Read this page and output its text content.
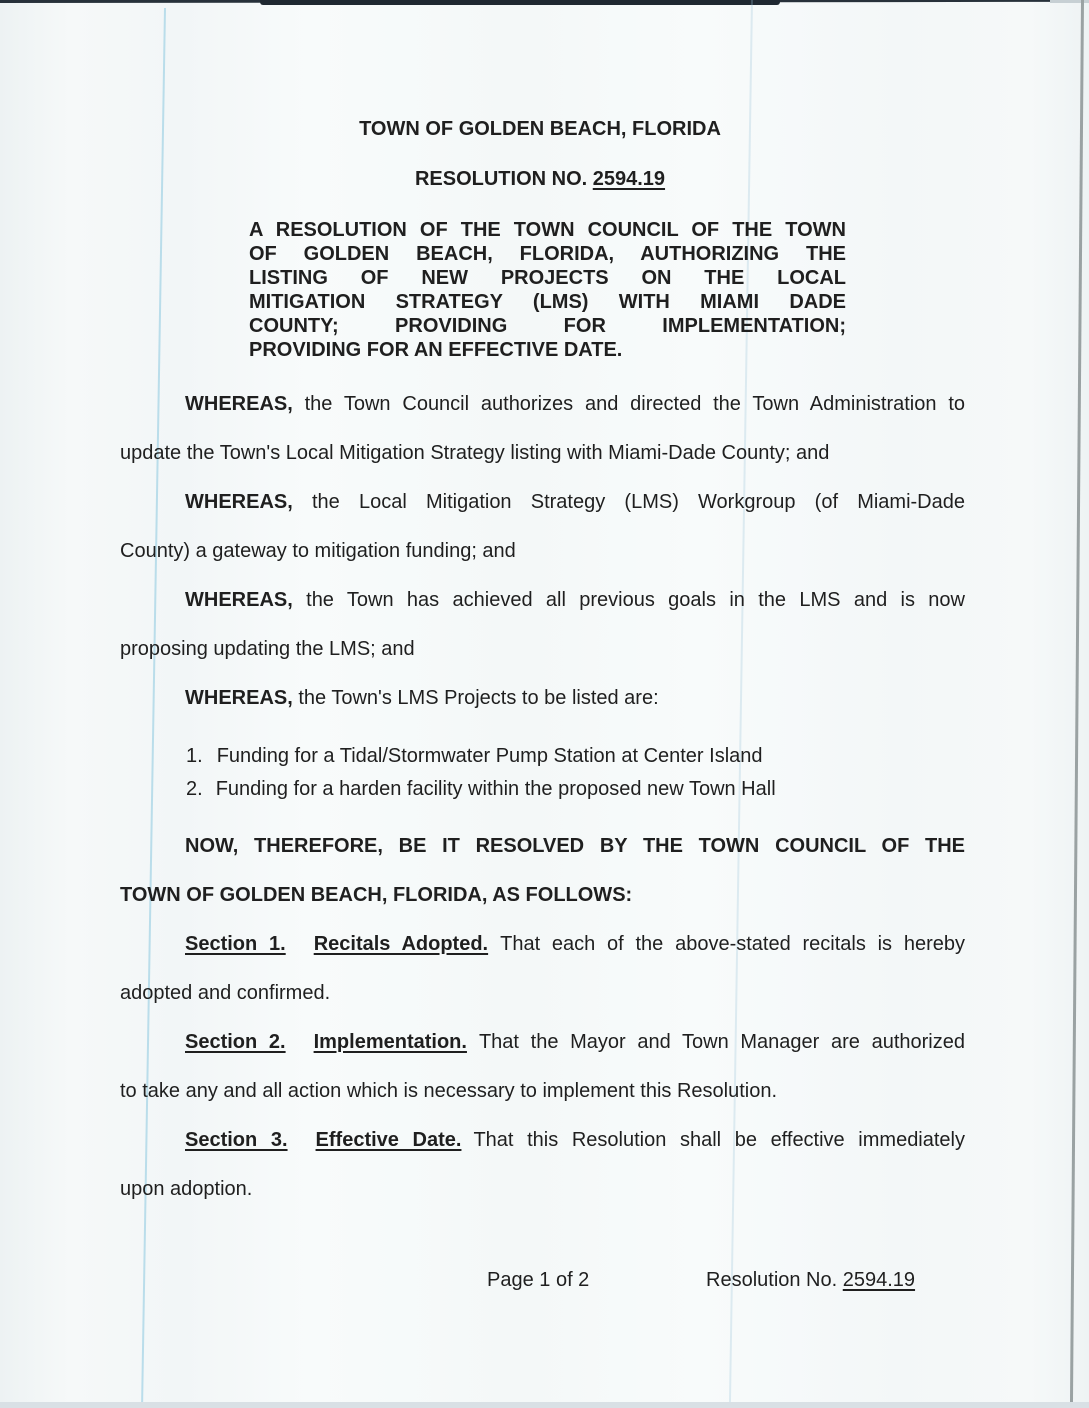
TOWN OF GOLDEN BEACH, FLORIDA
RESOLUTION NO. 2594.19
A RESOLUTION OF THE TOWN COUNCIL OF THE TOWN
OF GOLDEN BEACH, FLORIDA, AUTHORIZING THE
LISTING OF NEW PROJECTS ON THE LOCAL
MITIGATION STRATEGY (LMS) WITH MIAMI DADE
COUNTY; PROVIDING FOR IMPLEMENTATION;
PROVIDING FOR AN EFFECTIVE DATE.
WHEREAS, the Town Council authorizes and directed the Town Administration to
update the Town's Local Mitigation Strategy listing with Miami-Dade County; and
WHEREAS, the Local Mitigation Strategy (LMS) Workgroup (of Miami-Dade
County) a gateway to mitigation funding; and
WHEREAS, the Town has achieved all previous goals in the LMS and is now
proposing updating the LMS; and
WHEREAS, the Town's LMS Projects to be listed are:
1. Funding for a Tidal/Stormwater Pump Station at Center Island
2. Funding for a harden facility within the proposed new Town Hall
NOW, THEREFORE, BE IT RESOLVED BY THE TOWN COUNCIL OF THE
TOWN OF GOLDEN BEACH, FLORIDA, AS FOLLOWS:
Section 1. Recitals Adopted. That each of the above-stated recitals is hereby
adopted and confirmed.
Section 2. Implementation. That the Mayor and Town Manager are authorized
to take any and all action which is necessary to implement this Resolution.
Section 3. Effective Date. That this Resolution shall be effective immediately
upon adoption.
Page 1 of 2	Resolution No. 2594.19
